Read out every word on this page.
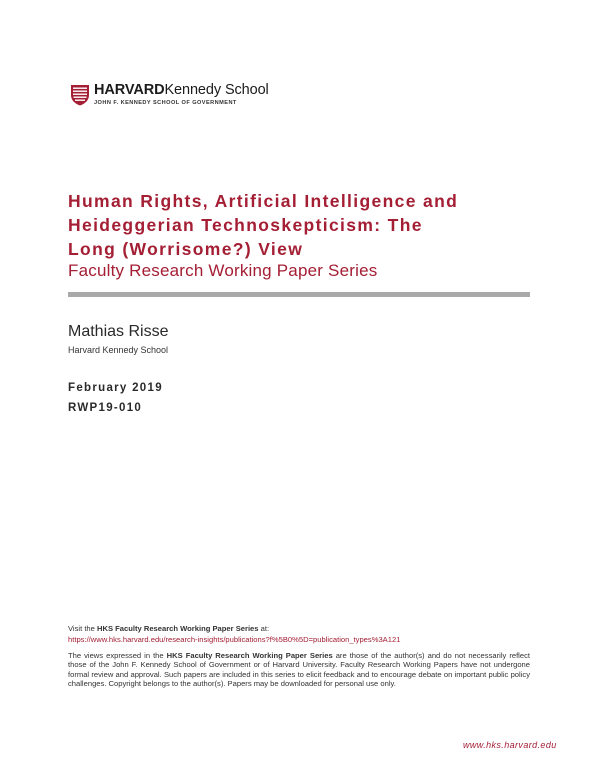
HARVARDKennedy School
JOHN F. KENNEDY SCHOOL OF GOVERNMENT
Human Rights, Artificial Intelligence and
Heideggerian Technoskepticism: The
Long (Worrisome?) View
Faculty Research Working Paper Series
Mathias Risse
Harvard Kennedy School
February 2019
RWP19-010
Visit the HKS Faculty Research Working Paper Series at:
https://www.hks.harvard.edu/research-insights/publications?f%5B0%5D=publication_types%3A121
The views expressed in the HKS Faculty Research Working Paper Series are those of the author(s) and do not necessarily reflect those of the John F. Kennedy School of Government or of Harvard University. Faculty Research Working Papers have not undergone formal review and approval. Such papers are included in this series to elicit feedback and to encourage debate on important public policy challenges. Copyright belongs to the author(s). Papers may be downloaded for personal use only.
www.hks.harvard.edu
